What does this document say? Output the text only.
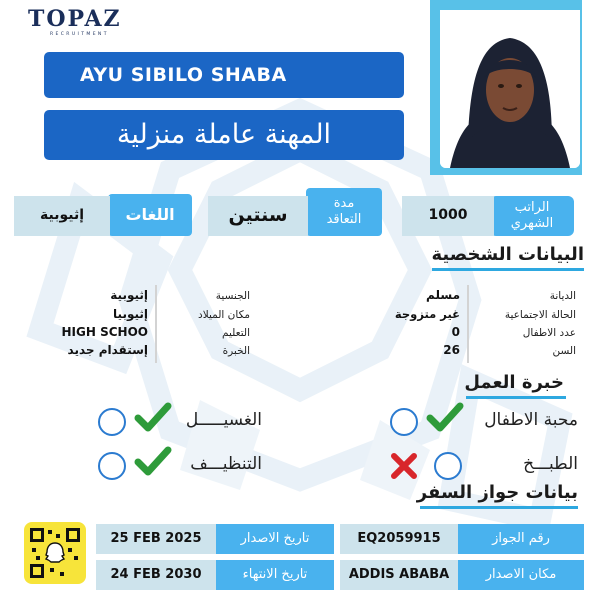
TOPAZ
RECRUITMENT
AYU SIBILO SHABA
المهنة عاملة منزلية
الراتب الشهري
1000
مدة التعاقد
سنتين
اللغات
إثيوبية
البيانات الشخصية
الديانة
الحالة الاجتماعية
عدد الاطفال
السن
مسلم
غير متزوجة
0
26
الجنسية
مكان الميلاد
التعليم
الخبرة
إثيوبية
إثيوبيا
HIGH SCHOO
إستقدام جديد
خبرة العمل
محبة الاطفال
الغسيـــــل
الطبـــخ
التنظيـــف
بيانات جواز السفر
رقم الجواز
EQ2059915
تاريخ الاصدار
25 FEB 2025
مكان الاصدار
ADDIS ABABA
تاريخ الانتهاء
24 FEB 2030
